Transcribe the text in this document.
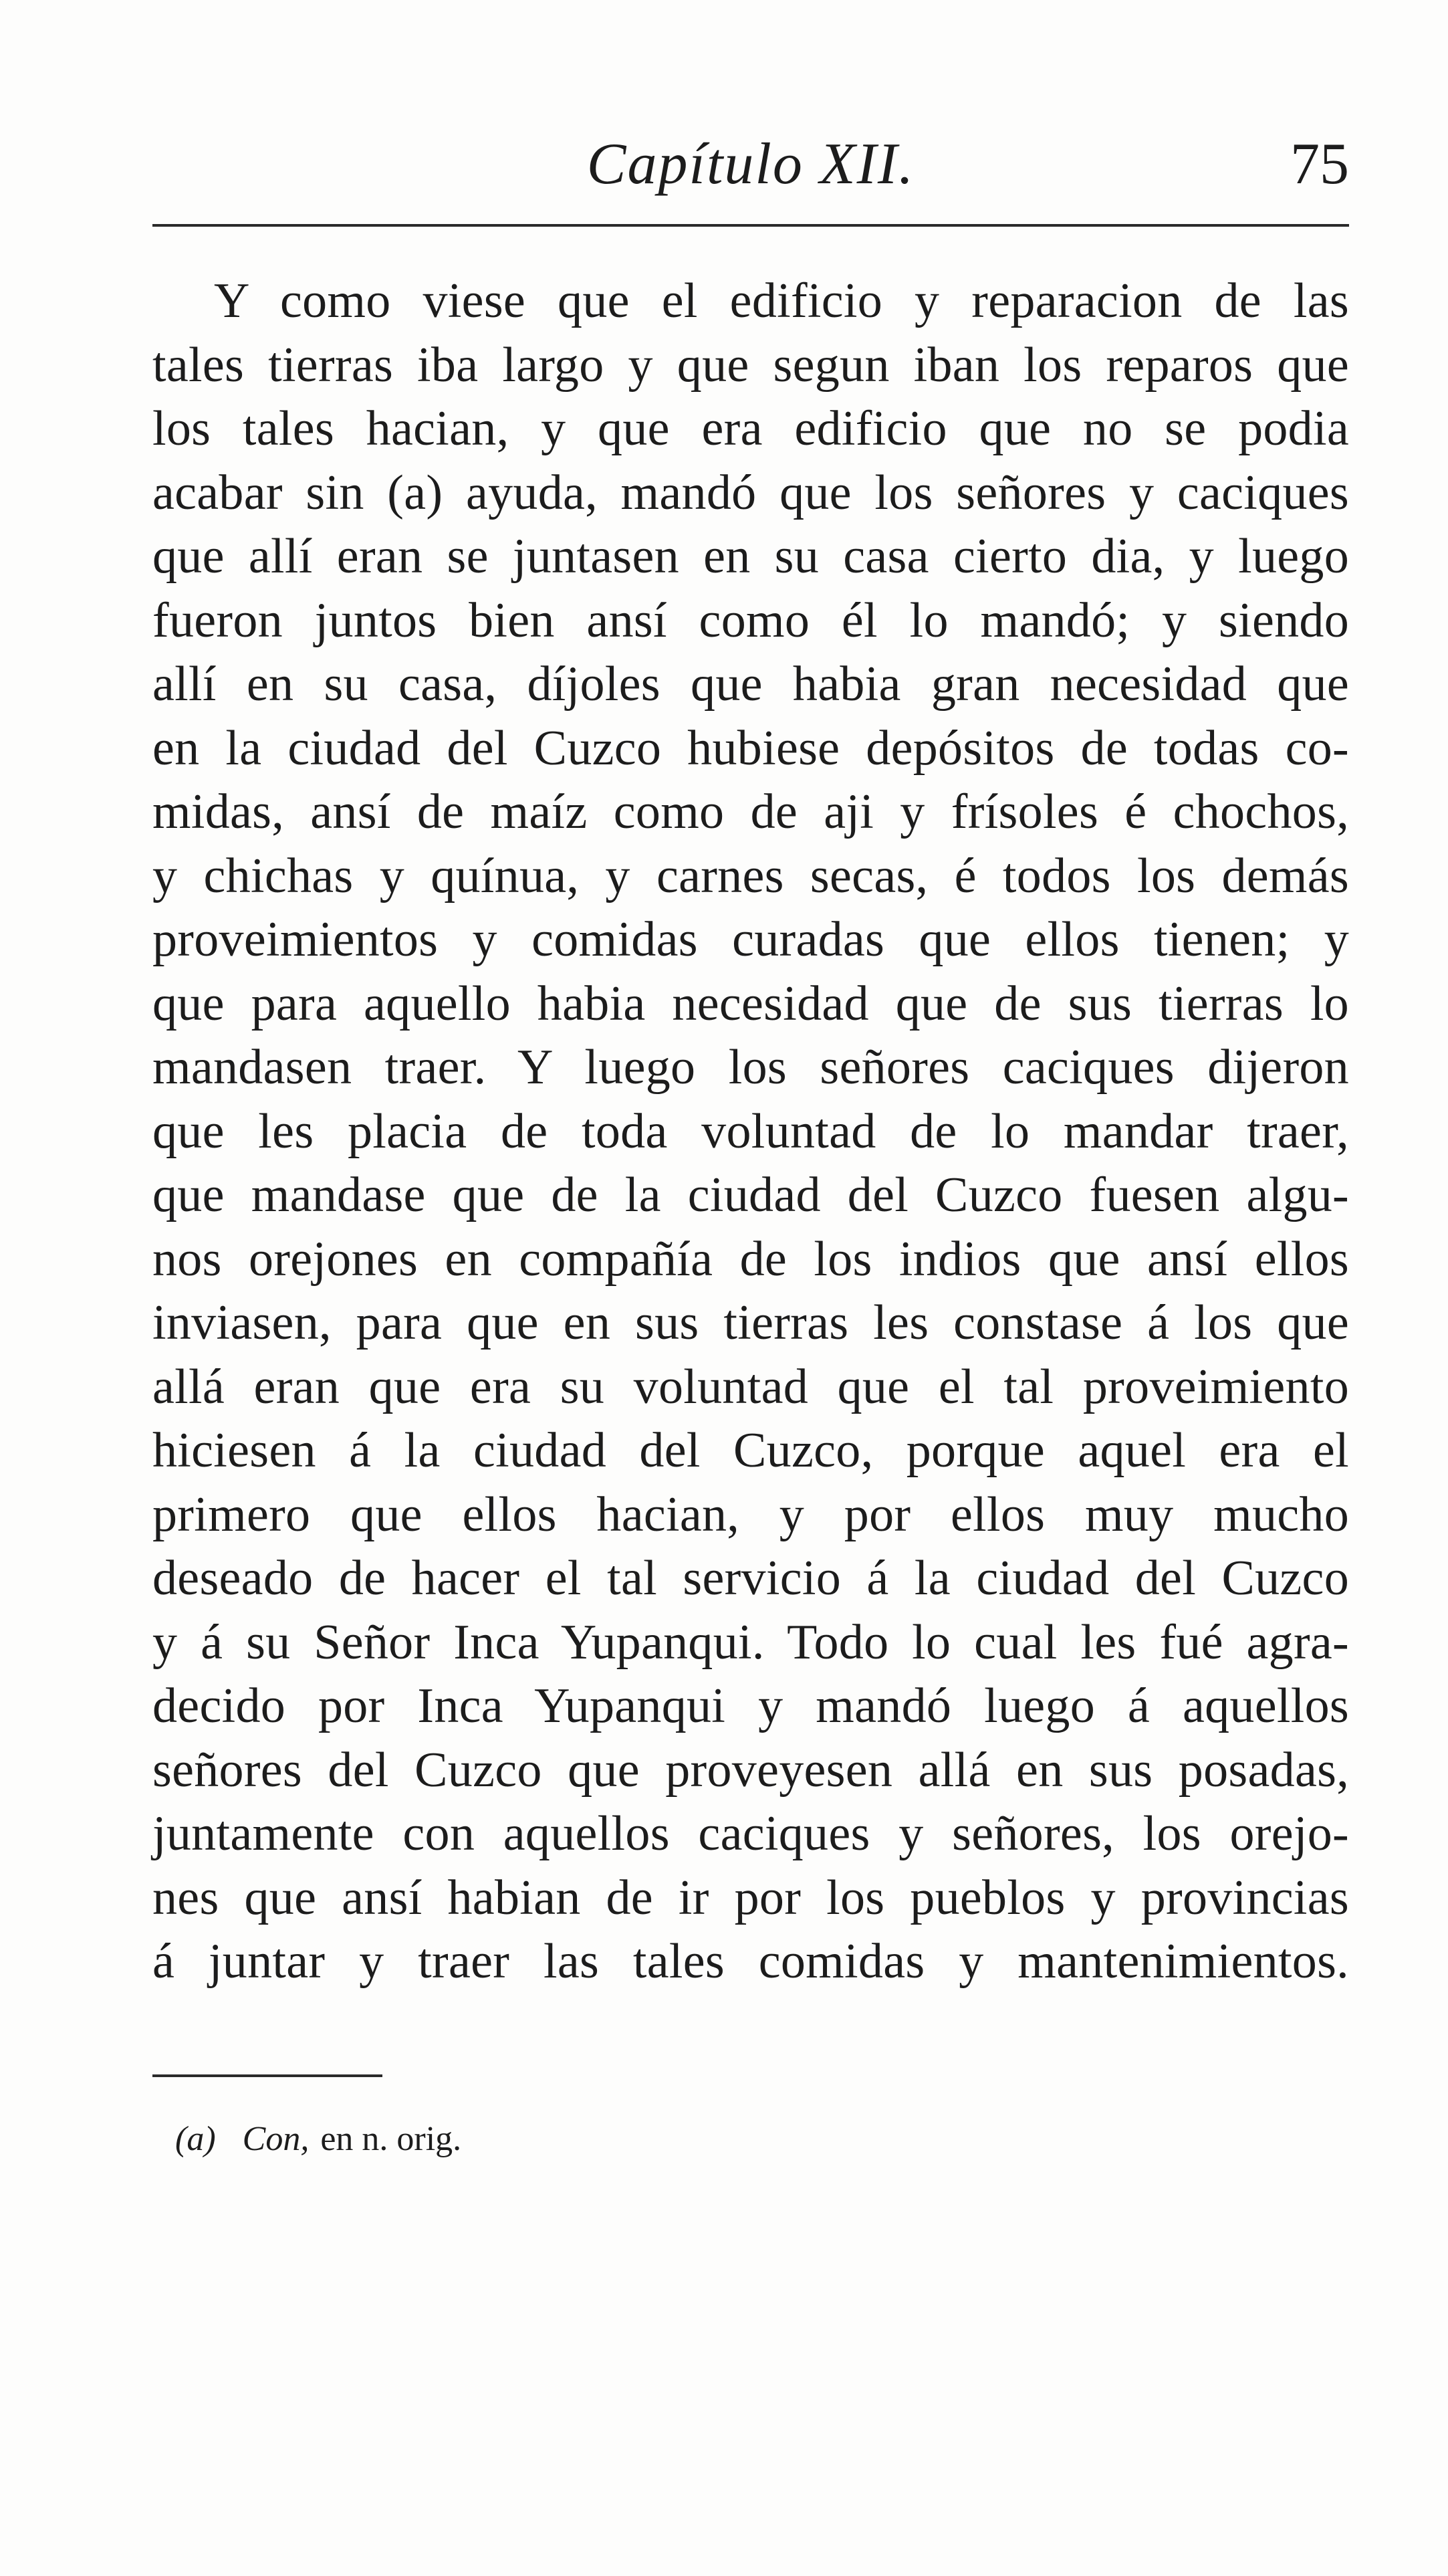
Capítulo XII.	75
Y como viese que el edificio y reparacion de las
tales tierras iba largo y que segun iban los reparos que
los tales hacian, y que era edificio que no se podia
acabar sin (a) ayuda, mandó que los señores y caciques
que allí eran se juntasen en su casa cierto dia, y luego
fueron juntos bien ansí como él lo mandó; y siendo
allí en su casa, díjoles que habia gran necesidad que
en la ciudad del Cuzco hubiese depósitos de todas co-
midas, ansí de maíz como de aji y frísoles é chochos,
y chichas y quínua, y carnes secas, é todos los demás
proveimientos y comidas curadas que ellos tienen; y
que para aquello habia necesidad que de sus tierras lo
mandasen traer. Y luego los señores caciques dijeron
que les placia de toda voluntad de lo mandar traer,
que mandase que de la ciudad del Cuzco fuesen algu-
nos orejones en compañía de los indios que ansí ellos
inviasen, para que en sus tierras les constase á los que
allá eran que era su voluntad que el tal proveimiento
hiciesen á la ciudad del Cuzco, porque aquel era el
primero que ellos hacian, y por ellos muy mucho
deseado de hacer el tal servicio á la ciudad del Cuzco
y á su Señor Inca Yupanqui. Todo lo cual les fué agra-
decido por Inca Yupanqui y mandó luego á aquellos
señores del Cuzco que proveyesen allá en sus posadas,
juntamente con aquellos caciques y señores, los orejo-
nes que ansí habian de ir por los pueblos y provincias
á juntar y traer las tales comidas y mantenimientos.
(a) Con, en n. orig.
